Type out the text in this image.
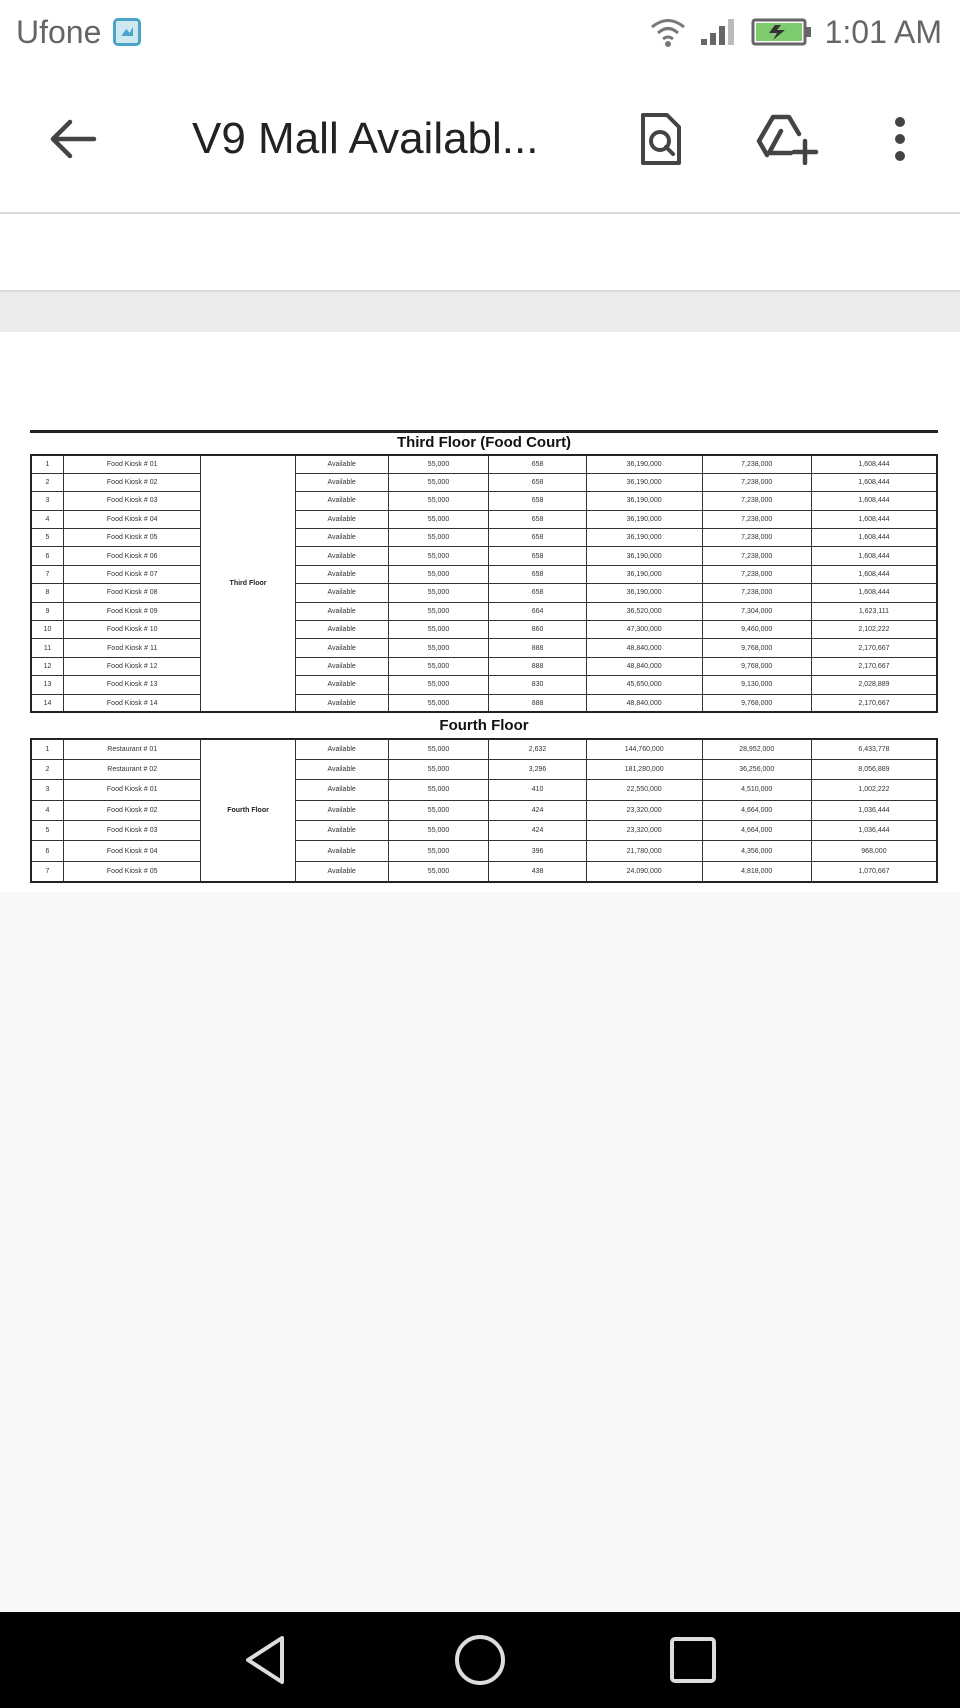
Ufone	1:01 AM
V9 Mall Availabl...
Third Floor (Food Court)
1	Food Kiosk # 01	Third Floor	Available	55,000	658	36,190,000	7,238,000	1,608,444
2	Food Kiosk # 02		Available	55,000	658	36,190,000	7,238,000	1,608,444
3	Food Kiosk # 03		Available	55,000	658	36,190,000	7,238,000	1,608,444
4	Food Kiosk # 04		Available	55,000	658	36,190,000	7,238,000	1,608,444
5	Food Kiosk # 05		Available	55,000	658	36,190,000	7,238,000	1,608,444
6	Food Kiosk # 06		Available	55,000	658	36,190,000	7,238,000	1,608,444
7	Food Kiosk # 07		Available	55,000	658	36,190,000	7,238,000	1,608,444
8	Food Kiosk # 08		Available	55,000	658	36,190,000	7,238,000	1,608,444
9	Food Kiosk # 09		Available	55,000	664	36,520,000	7,304,000	1,623,111
10	Food Kiosk # 10		Available	55,000	860	47,300,000	9,460,000	2,102,222
11	Food Kiosk # 11		Available	55,000	888	48,840,000	9,768,000	2,170,667
12	Food Kiosk # 12		Available	55,000	888	48,840,000	9,768,000	2,170,667
13	Food Kiosk # 13		Available	55,000	830	45,650,000	9,130,000	2,028,889
14	Food Kiosk # 14		Available	55,000	888	48,840,000	9,768,000	2,170,667
Fourth Floor
1	Restaurant # 01	Fourth Floor	Available	55,000	2,632	144,760,000	28,952,000	6,433,778
2	Restaurant # 02		Available	55,000	3,296	181,280,000	36,256,000	8,056,889
3	Food Kiosk # 01		Available	55,000	410	22,550,000	4,510,000	1,002,222
4	Food Kiosk # 02		Available	55,000	424	23,320,000	4,664,000	1,036,444
5	Food Kiosk # 03		Available	55,000	424	23,320,000	4,664,000	1,036,444
6	Food Kiosk # 04		Available	55,000	396	21,780,000	4,356,000	968,000
7	Food Kiosk # 05		Available	55,000	438	24,090,000	4,818,000	1,070,667
